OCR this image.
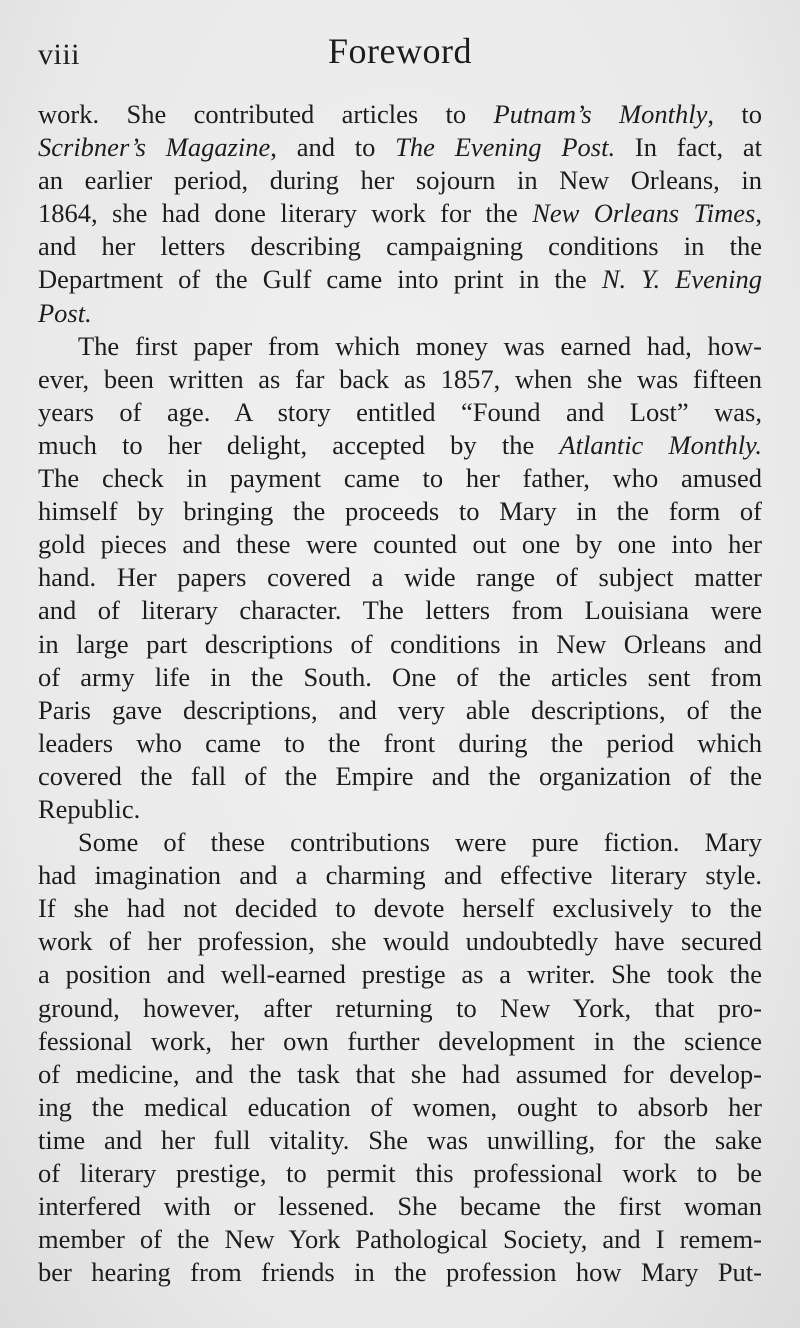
viii	Foreword
work. She contributed articles to Putnam’s Monthly, to
Scribner’s Magazine, and to The Evening Post. In fact, at
an earlier period, during her sojourn in New Orleans, in
1864, she had done literary work for the New Orleans Times,
and her letters describing campaigning conditions in the
Department of the Gulf came into print in the N. Y. Evening
Post.
The first paper from which money was earned had, how-
ever, been written as far back as 1857, when she was fifteen
years of age. A story entitled “Found and Lost” was,
much to her delight, accepted by the Atlantic Monthly.
The check in payment came to her father, who amused
himself by bringing the proceeds to Mary in the form of
gold pieces and these were counted out one by one into her
hand. Her papers covered a wide range of subject matter
and of literary character. The letters from Louisiana were
in large part descriptions of conditions in New Orleans and
of army life in the South. One of the articles sent from
Paris gave descriptions, and very able descriptions, of the
leaders who came to the front during the period which
covered the fall of the Empire and the organization of the
Republic.
Some of these contributions were pure fiction. Mary
had imagination and a charming and effective literary style.
If she had not decided to devote herself exclusively to the
work of her profession, she would undoubtedly have secured
a position and well-earned prestige as a writer. She took the
ground, however, after returning to New York, that pro-
fessional work, her own further development in the science
of medicine, and the task that she had assumed for develop-
ing the medical education of women, ought to absorb her
time and her full vitality. She was unwilling, for the sake
of literary prestige, to permit this professional work to be
interfered with or lessened. She became the first woman
member of the New York Pathological Society, and I remem-
ber hearing from friends in the profession how Mary Put-
